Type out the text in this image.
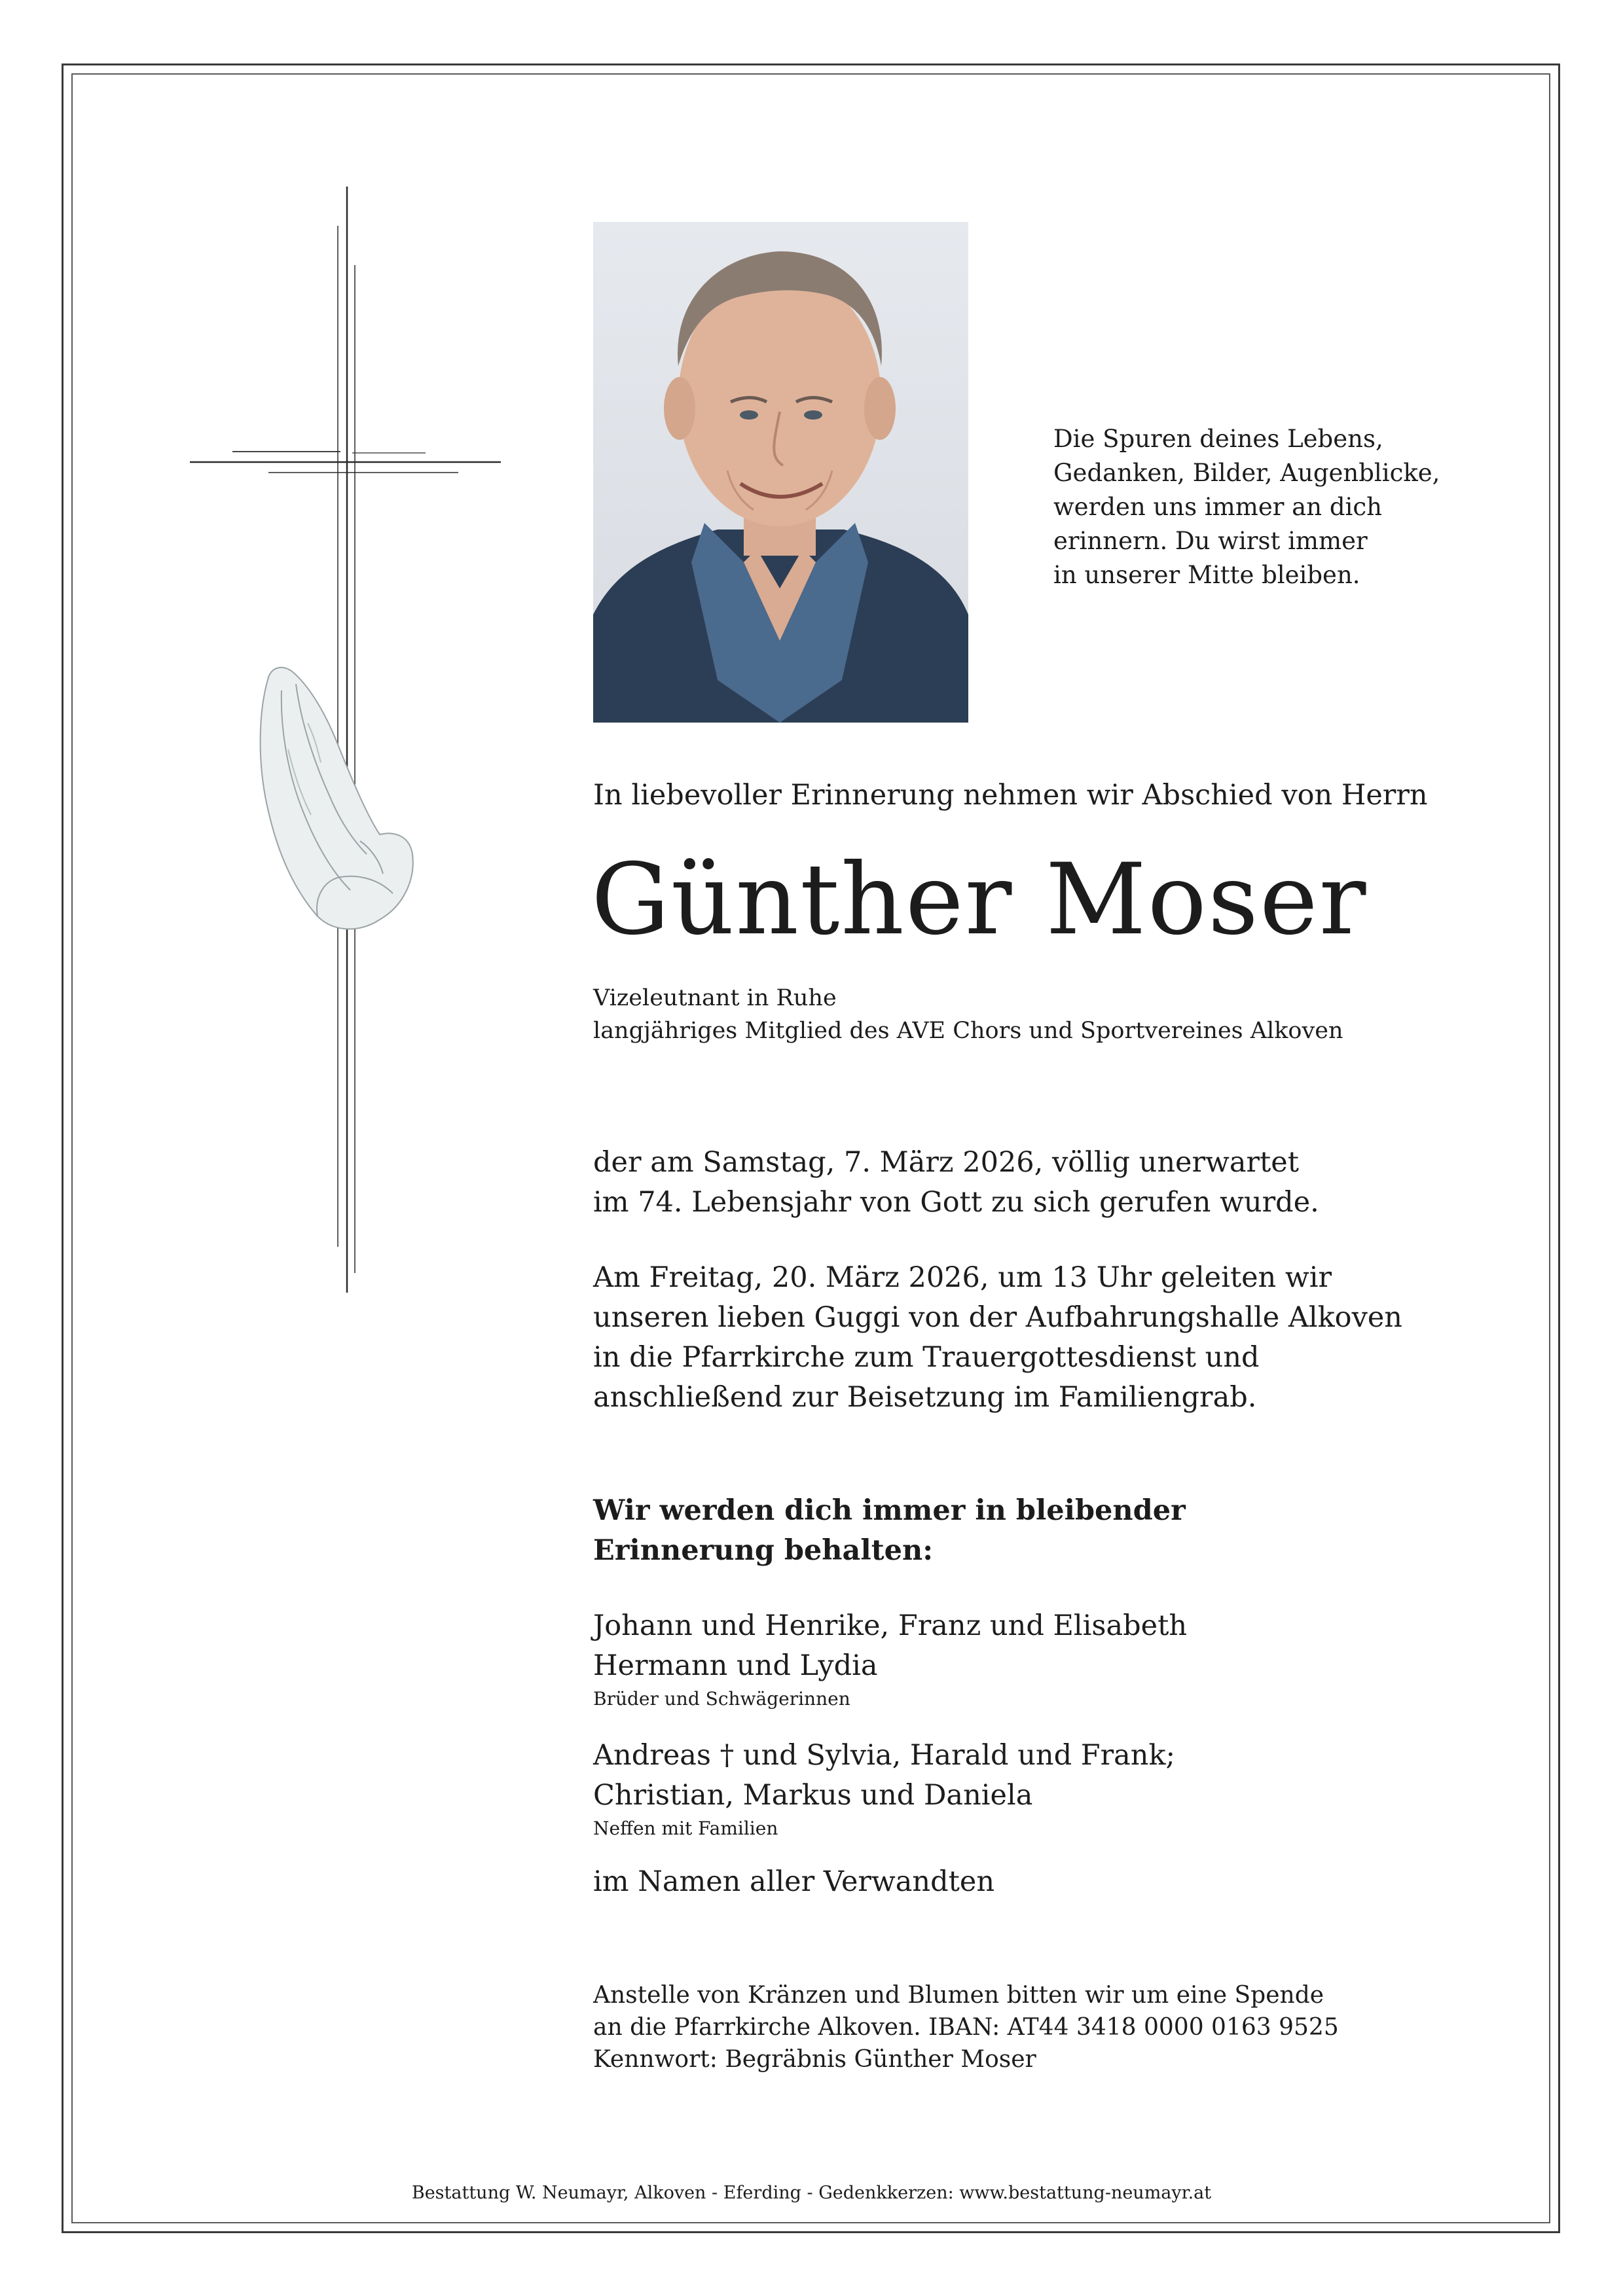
Die Spuren deines Lebens,
Gedanken, Bilder, Augenblicke,
werden uns immer an dich
erinnern. Du wirst immer
in unserer Mitte bleiben.
In liebevoller Erinnerung nehmen wir Abschied von Herrn
Günther Moser
Vizeleutnant in Ruhe
langjähriges Mitglied des AVE Chors und Sportvereines Alkoven
der am Samstag, 7. März 2026, völlig unerwartet
im 74. Lebensjahr von Gott zu sich gerufen wurde.
Am Freitag, 20. März 2026, um 13 Uhr geleiten wir
unseren lieben Guggi von der Aufbahrungshalle Alkoven
in die Pfarrkirche zum Trauergottesdienst und
anschließend zur Beisetzung im Familiengrab.
Wir werden dich immer in bleibender
Erinnerung behalten:
Johann und Henrike, Franz und Elisabeth
Hermann und Lydia
Brüder und Schwägerinnen
Andreas † und Sylvia, Harald und Frank;
Christian, Markus und Daniela
Neffen mit Familien
im Namen aller Verwandten
Anstelle von Kränzen und Blumen bitten wir um eine Spende
an die Pfarrkirche Alkoven. IBAN: AT44 3418 0000 0163 9525
Kennwort: Begräbnis Günther Moser
Bestattung W. Neumayr, Alkoven - Eferding - Gedenkkerzen: www.bestattung-neumayr.at
